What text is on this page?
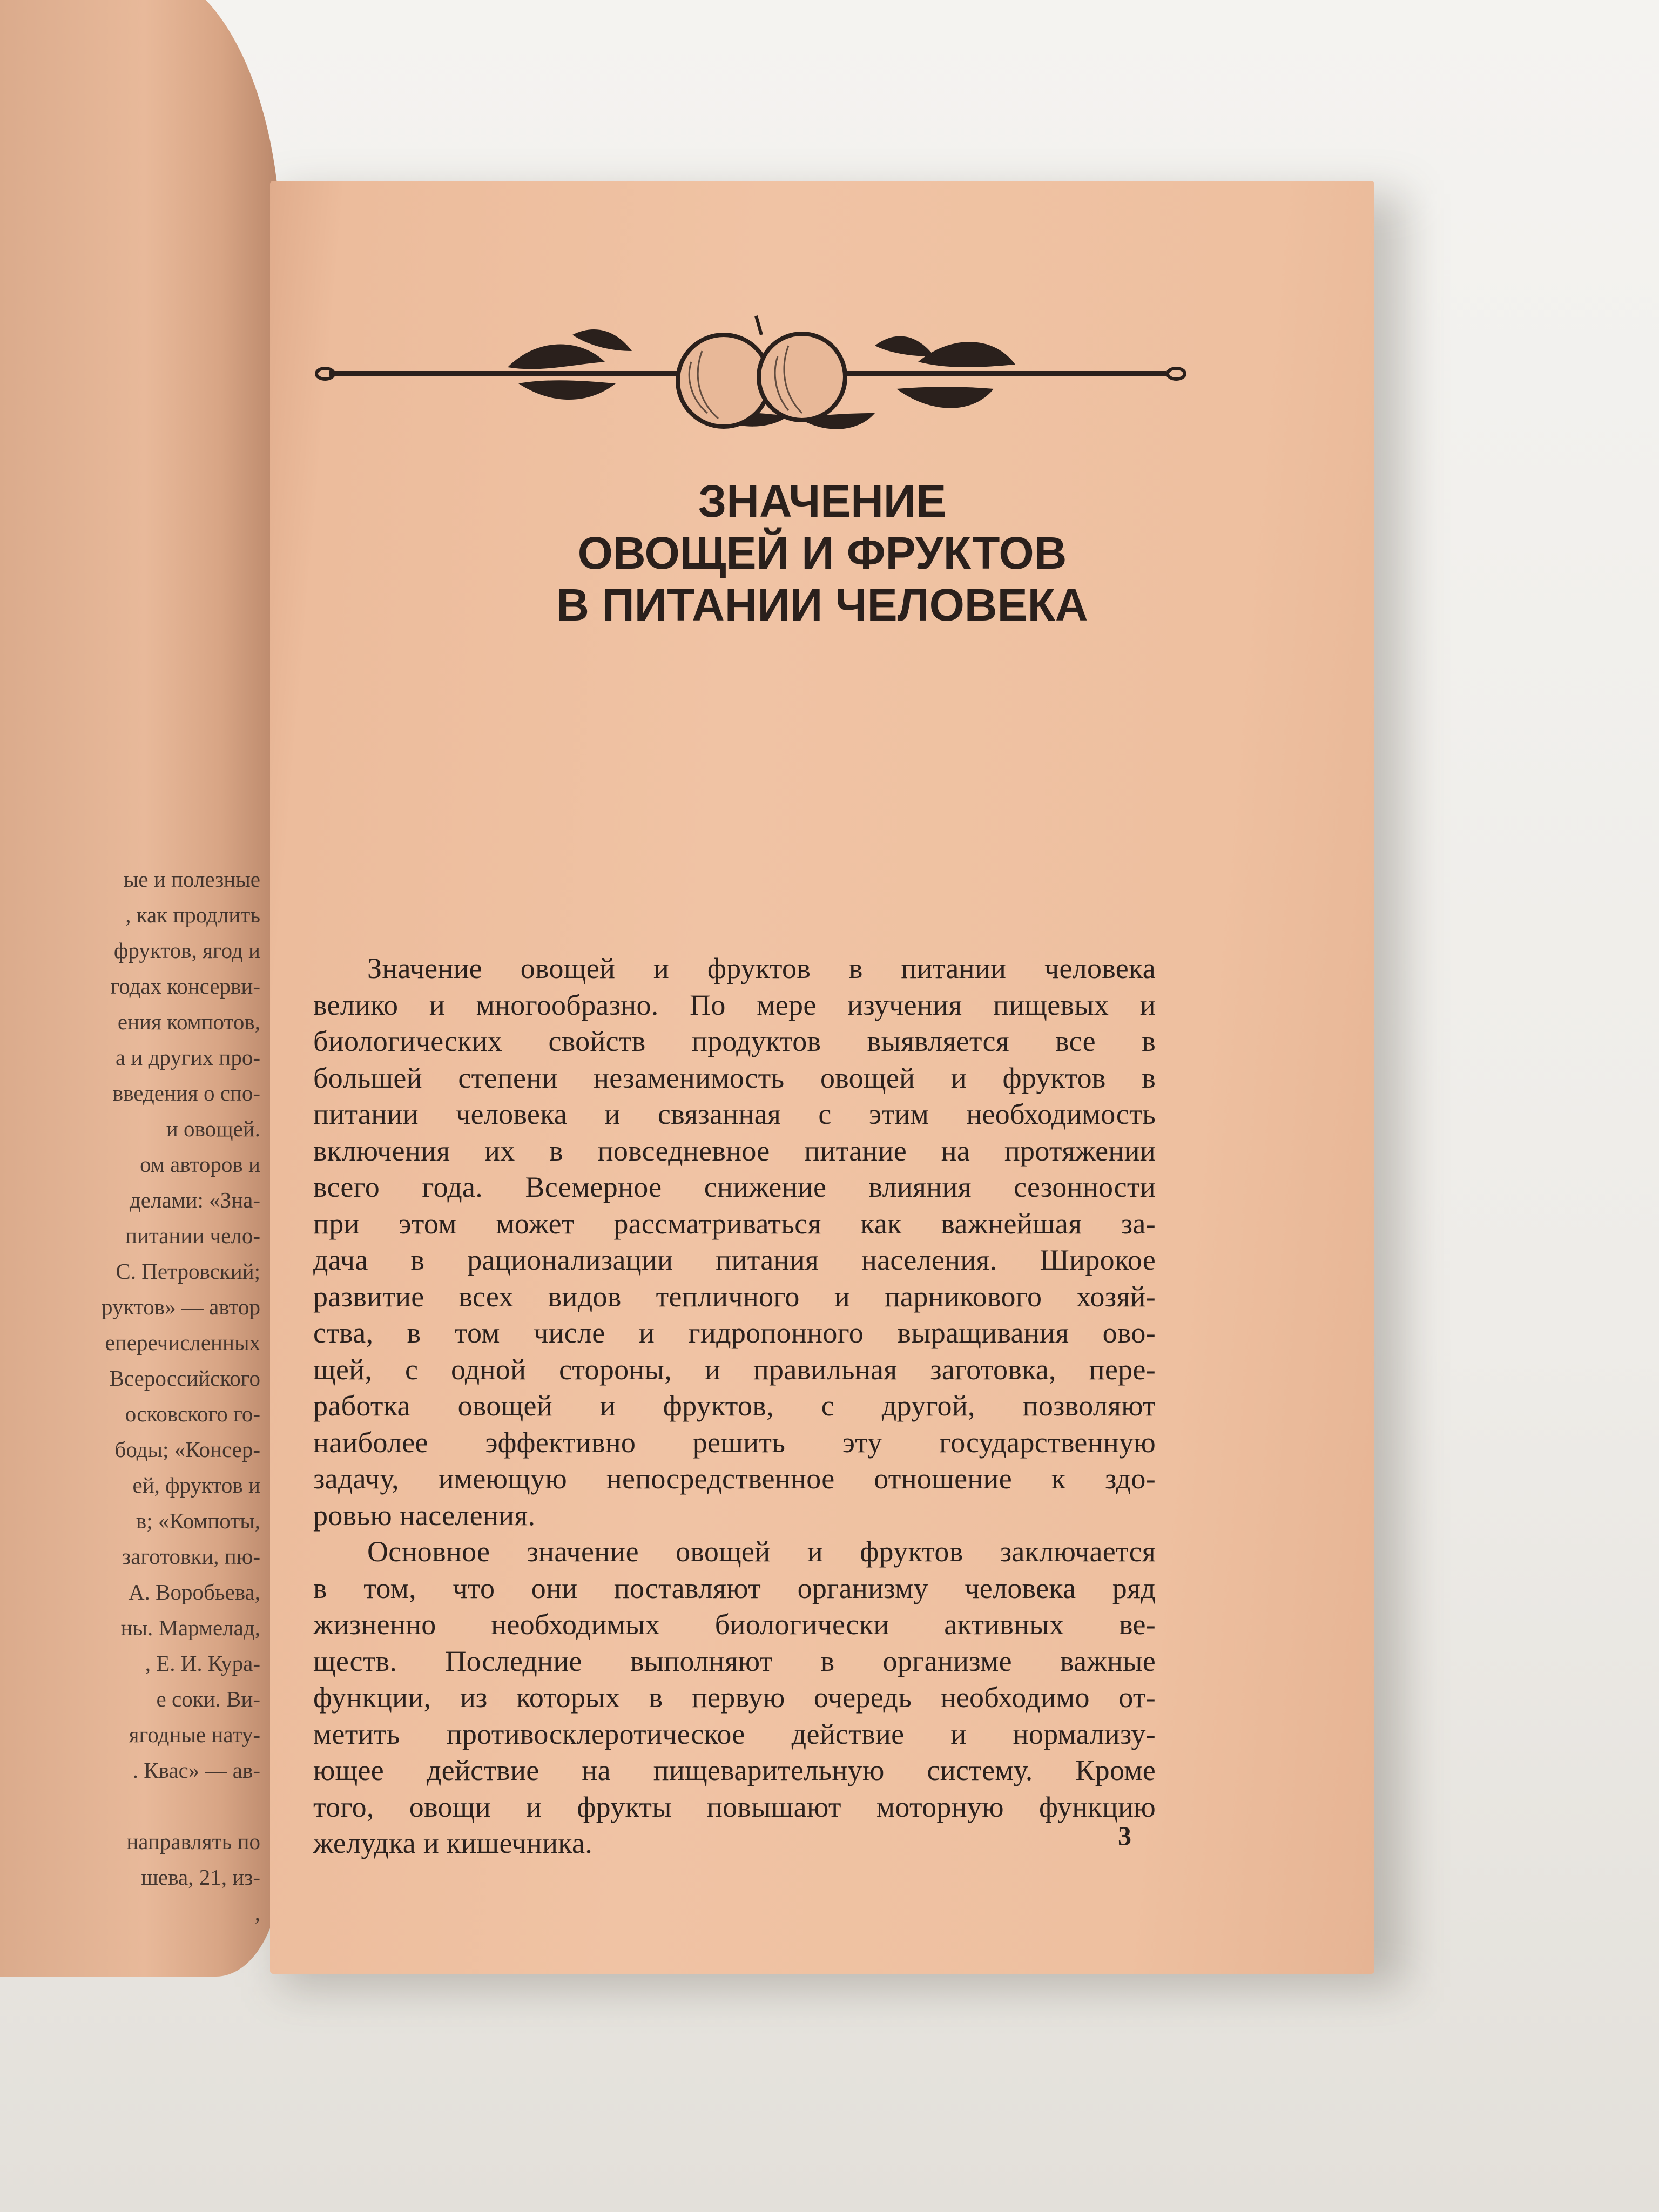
ые и полезные
, как продлить
фруктов, ягод и
годах консерви-
ения компотов,
а и других про-
введения о спо-
и овощей.
ом авторов и
делами: «Зна-
питании чело-
С. Петровский;
руктов» — автор
еперечисленных
Всероссийского
осковского го-
боды; «Консер-
ей, фруктов и
в; «Компоты,
заготовки, пю-
А. Воробьева,
ны. Мармелад,
, Е. И. Кура-
е соки. Ви-
ягодные нату-
. Квас» — ав-
направлять по
шева, 21, из-
,
ЗНАЧЕНИЕ
ОВОЩЕЙ И ФРУКТОВ
В ПИТАНИИ ЧЕЛОВЕКА
Значение овощей и фруктов в питании человека
велико и многообразно. По мере изучения пищевых и
биологических свойств продуктов выявляется все в
большей степени незаменимость овощей и фруктов в
питании человека и связанная с этим необходимость
включения их в повседневное питание на протяжении
всего года. Всемерное снижение влияния сезонности
при этом может рассматриваться как важнейшая за-
дача в рационализации питания населения. Широкое
развитие всех видов тепличного и парникового хозяй-
ства, в том числе и гидропонного выращивания ово-
щей, с одной стороны, и правильная заготовка, пере-
работка овощей и фруктов, с другой, позволяют
наиболее эффективно решить эту государственную
задачу, имеющую непосредственное отношение к здо-
ровью населения.
Основное значение овощей и фруктов заключается
в том, что они поставляют организму человека ряд
жизненно необходимых биологически активных ве-
ществ. Последние выполняют в организме важные
функции, из которых в первую очередь необходимо от-
метить противосклеротическое действие и нормализу-
ющее действие на пищеварительную систему. Кроме
того, овощи и фрукты повышают моторную функцию
желудка и кишечника.	3
